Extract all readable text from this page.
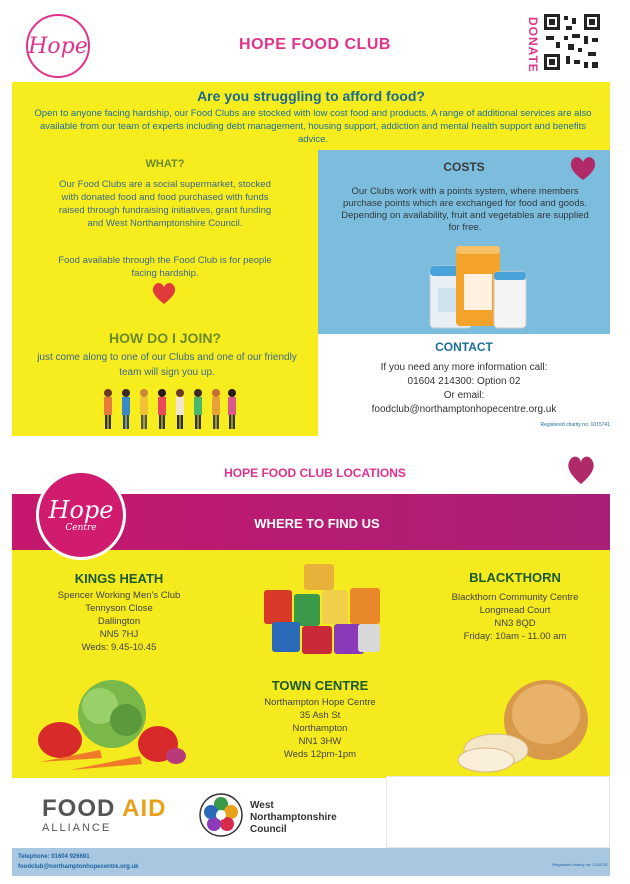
Hope	HOPE FOOD CLUB	DONATE
Are you struggling to afford food?
Open to anyone facing hardship, our Food Clubs are stocked with low cost food and products. A range of additional services are also available from our team of experts including debt management, housing support, addiction and mental health support and benefits advice.
WHAT?
Our Food Clubs are a social supermarket, stocked with donated food and food purchased with funds raised through fundraising initiatives, grant funding and West Northamptonshire Council.
Food available through the Food Club is for people facing hardship.
COSTS
Our Clubs work with a points system, where members purchase points which are exchanged for food and goods. Depending on availability, fruit and vegetables are supplied for free.
HOW DO I JOIN?
just come along to one of our Clubs and one of our friendly team will sign you up.
CONTACT
If you need any more information call:
01604 214300: Option 02
Or email:
foodclub@northamptonhopecentre.org.uk
Registered charity no: 1015741
HOPE FOOD CLUB LOCATIONS
Hope
Centre	WHERE TO FIND US
KINGS HEATH
Spencer Working Men's Club
Tennyson Close
Dallington
NN5 7HJ
Weds: 9.45-10.45
BLACKTHORN
Blackthorn Community Centre
Longmead Court
NN3 8QD
Friday: 10am - 11.00 am
TOWN CENTRE
Northampton Hope Centre
35 Ash St
Northampton
NN1 3HW
Weds 12pm-1pm
FOOD AID
ALLIANCE
West
Northamptonshire
Council
Telephone: 01604 926691
foodclub@northamptonhopecentre.org.uk	Registered charity no: 1015741
